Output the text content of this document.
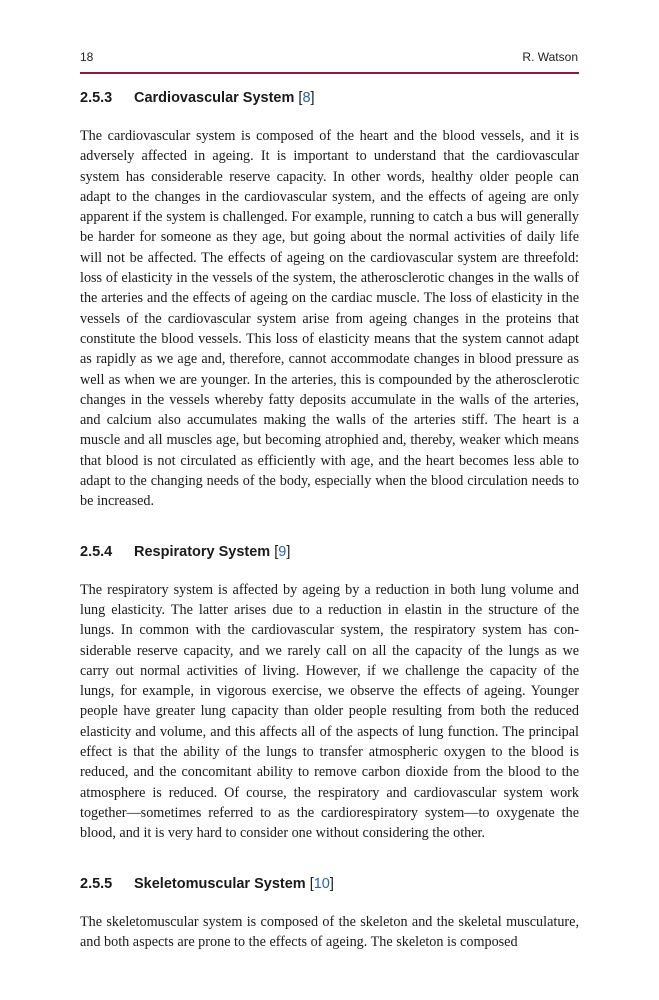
18	R. Watson
2.5.3 Cardiovascular System [8]

The cardiovascular system is composed of the heart and the blood vessels, and it is adversely affected in ageing. It is important to understand that the cardiovascular system has considerable reserve capacity. In other words, healthy older people can adapt to the changes in the cardiovascular system, and the effects of ageing are only apparent if the system is challenged. For example, running to catch a bus will generally be harder for someone as they age, but going about the normal activities of daily life will not be affected. The effects of ageing on the cardiovascular system are threefold: loss of elasticity in the vessels of the system, the atherosclerotic changes in the walls of the arteries and the effects of ageing on the cardiac muscle. The loss of elasticity in the vessels of the cardiovascular system arise from ageing changes in the proteins that constitute the blood vessels. This loss of elasticity means that the system cannot adapt as rapidly as we age and, therefore, cannot accommodate changes in blood pressure as well as when we are younger. In the arteries, this is compounded by the atherosclerotic changes in the vessels whereby fatty deposits accumulate in the walls of the arteries, and calcium also accumulates making the walls of the arteries stiff. The heart is a muscle and all muscles age, but becoming atrophied and, thereby, weaker which means that blood is not circulated as efficiently with age, and the heart becomes less able to adapt to the changing needs of the body, especially when the blood circulation needs to be increased.

2.5.4 Respiratory System [9]

The respiratory system is affected by ageing by a reduction in both lung volume and lung elasticity. The latter arises due to a reduction in elastin in the structure of the lungs. In common with the cardiovascular system, the respiratory system has considerable reserve capacity, and we rarely call on all the capacity of the lungs as we carry out normal activities of living. However, if we challenge the capacity of the lungs, for example, in vigorous exercise, we observe the effects of ageing. Younger people have greater lung capacity than older people resulting from both the reduced elasticity and volume, and this affects all of the aspects of lung function. The principal effect is that the ability of the lungs to transfer atmospheric oxygen to the blood is reduced, and the concomitant ability to remove carbon dioxide from the blood to the atmosphere is reduced. Of course, the respiratory and cardiovascular system work together—sometimes referred to as the cardiorespiratory system—to oxygenate the blood, and it is very hard to consider one without considering the other.

2.5.5 Skeletomuscular System [10]

The skeletomuscular system is composed of the skeleton and the skeletal musculature, and both aspects are prone to the effects of ageing. The skeleton is composed
